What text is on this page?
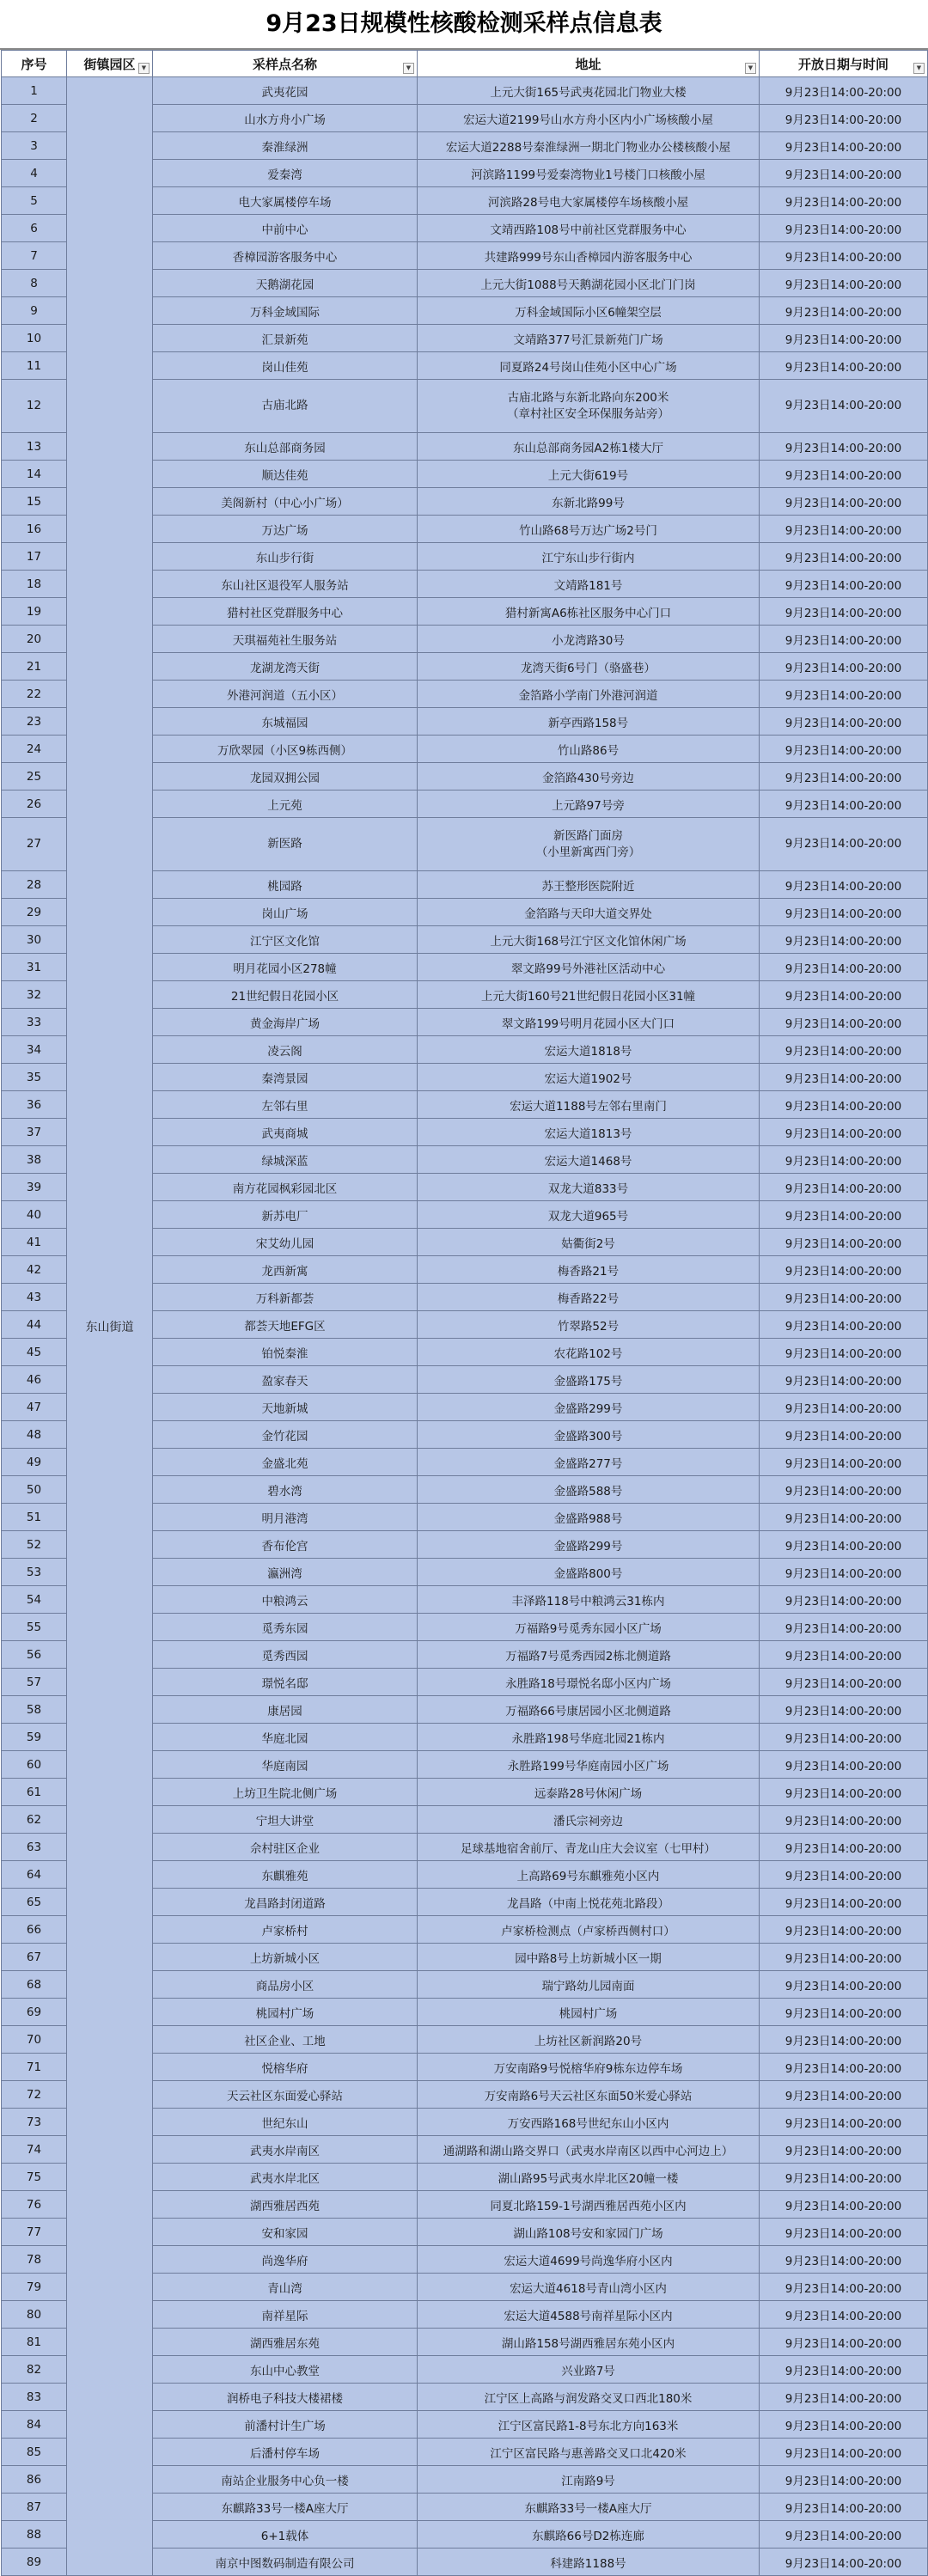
9月23日规模性核酸检测采样点信息表
序号	街镇园区 ▼	采样点名称 ▼	地址 ▼	开放日期与时间 ▼

1	东山街道	武夷花园	上元大街165号武夷花园北门物业大楼	9月23日14:00-20:00
2		山水方舟小广场	宏运大道2199号山水方舟小区内小广场核酸小屋	9月23日14:00-20:00
3		秦淮绿洲	宏运大道2288号秦淮绿洲一期北门物业办公楼核酸小屋	9月23日14:00-20:00
4		爱秦湾	河滨路1199号爱秦湾物业1号楼门口核酸小屋	9月23日14:00-20:00
5		电大家属楼停车场	河滨路28号电大家属楼停车场核酸小屋	9月23日14:00-20:00
6		中前中心	文靖西路108号中前社区党群服务中心	9月23日14:00-20:00
7		香樟园游客服务中心	共建路999号东山香樟园内游客服务中心	9月23日14:00-20:00
8		天鹅湖花园	上元大街1088号天鹅湖花园小区北门门岗	9月23日14:00-20:00
9		万科金域国际	万科金域国际小区6幢架空层	9月23日14:00-20:00
10		汇景新苑	文靖路377号汇景新苑门广场	9月23日14:00-20:00
11		岗山佳苑	同夏路24号岗山佳苑小区中心广场	9月23日14:00-20:00
12		古庙北路	古庙北路与东新北路向东200米
（章村社区安全环保服务站旁）	9月23日14:00-20:00
13		东山总部商务园	东山总部商务园A2栋1楼大厅	9月23日14:00-20:00
14		顺达佳苑	上元大街619号	9月23日14:00-20:00
15		美阁新村（中心小广场）	东新北路99号	9月23日14:00-20:00
16		万达广场	竹山路68号万达广场2号门	9月23日14:00-20:00
17		东山步行街	江宁东山步行街内	9月23日14:00-20:00
18		东山社区退役军人服务站	文靖路181号	9月23日14:00-20:00
19		猎村社区党群服务中心	猎村新寓A6栋社区服务中心门口	9月23日14:00-20:00
20		天琪福苑社生服务站	小龙湾路30号	9月23日14:00-20:00
21		龙湖龙湾天街	龙湾天街6号门（骆盛巷）	9月23日14:00-20:00
22		外港河润道（五小区）	金箔路小学南门外港河润道	9月23日14:00-20:00
23		东城福园	新亭西路158号	9月23日14:00-20:00
24		万欣翠园（小区9栋西侧）	竹山路86号	9月23日14:00-20:00
25		龙园双拥公园	金箔路430号旁边	9月23日14:00-20:00
26		上元苑	上元路97号旁	9月23日14:00-20:00
27		新医路	新医路门面房
（小里新寓西门旁）	9月23日14:00-20:00
28		桃园路	苏王整形医院附近	9月23日14:00-20:00
29		岗山广场	金箔路与天印大道交界处	9月23日14:00-20:00
30		江宁区文化馆	上元大街168号江宁区文化馆休闲广场	9月23日14:00-20:00
31		明月花园小区278幢	翠文路99号外港社区活动中心	9月23日14:00-20:00
32		21世纪假日花园小区	上元大街160号21世纪假日花园小区31幢	9月23日14:00-20:00
33		黄金海岸广场	翠文路199号明月花园小区大门口	9月23日14:00-20:00
34		凌云阁	宏运大道1818号	9月23日14:00-20:00
35		秦湾景园	宏运大道1902号	9月23日14:00-20:00
36		左邻右里	宏运大道1188号左邻右里南门	9月23日14:00-20:00
37		武夷商城	宏运大道1813号	9月23日14:00-20:00
38		绿城深蓝	宏运大道1468号	9月23日14:00-20:00
39		南方花园枫彩园北区	双龙大道833号	9月23日14:00-20:00
40		新苏电厂	双龙大道965号	9月23日14:00-20:00
41		宋艾幼儿园	姑衢街2号	9月23日14:00-20:00
42		龙西新寓	梅香路21号	9月23日14:00-20:00
43		万科新都荟	梅香路22号	9月23日14:00-20:00
44		都荟天地EFG区	竹翠路52号	9月23日14:00-20:00
45		铂悦秦淮	农花路102号	9月23日14:00-20:00
46		盈家春天	金盛路175号	9月23日14:00-20:00
47		天地新城	金盛路299号	9月23日14:00-20:00
48		金竹花园	金盛路300号	9月23日14:00-20:00
49		金盛北苑	金盛路277号	9月23日14:00-20:00
50		碧水湾	金盛路588号	9月23日14:00-20:00
51		明月港湾	金盛路988号	9月23日14:00-20:00
52		香布伦宫	金盛路299号	9月23日14:00-20:00
53		瀛洲湾	金盛路800号	9月23日14:00-20:00
54		中粮鸿云	丰泽路118号中粮鸿云31栋内	9月23日14:00-20:00
55		觅秀东园	万福路9号觅秀东园小区广场	9月23日14:00-20:00
56		觅秀西园	万福路7号觅秀西园2栋北侧道路	9月23日14:00-20:00
57		璟悦名邸	永胜路18号璟悦名邸小区内广场	9月23日14:00-20:00
58		康居园	万福路66号康居园小区北侧道路	9月23日14:00-20:00
59		华庭北园	永胜路198号华庭北园21栋内	9月23日14:00-20:00
60		华庭南园	永胜路199号华庭南园小区广场	9月23日14:00-20:00
61		上坊卫生院北侧广场	远泰路28号休闲广场	9月23日14:00-20:00
62		宁坦大讲堂	潘氏宗祠旁边	9月23日14:00-20:00
63		佘村驻区企业	足球基地宿舍前厅、青龙山庄大会议室（七甲村）	9月23日14:00-20:00
64		东麒雅苑	上高路69号东麒雅苑小区内	9月23日14:00-20:00
65		龙昌路封闭道路	龙昌路（中南上悦花苑北路段）	9月23日14:00-20:00
66		卢家桥村	卢家桥检测点（卢家桥西侧村口）	9月23日14:00-20:00
67		上坊新城小区	园中路8号上坊新城小区一期	9月23日14:00-20:00
68		商品房小区	瑞宁路幼儿园南面	9月23日14:00-20:00
69		桃园村广场	桃园村广场	9月23日14:00-20:00
70		社区企业、工地	上坊社区新润路20号	9月23日14:00-20:00
71		悦榕华府	万安南路9号悦榕华府9栋东边停车场	9月23日14:00-20:00
72		天云社区东面爱心驿站	万安南路6号天云社区东面50米爱心驿站	9月23日14:00-20:00
73		世纪东山	万安西路168号世纪东山小区内	9月23日14:00-20:00
74		武夷水岸南区	通湖路和湖山路交界口（武夷水岸南区以西中心河边上）	9月23日14:00-20:00
75		武夷水岸北区	湖山路95号武夷水岸北区20幢一楼	9月23日14:00-20:00
76		湖西雅居西苑	同夏北路159-1号湖西雅居西苑小区内	9月23日14:00-20:00
77		安和家园	湖山路108号安和家园门广场	9月23日14:00-20:00
78		尚逸华府	宏运大道4699号尚逸华府小区内	9月23日14:00-20:00
79		青山湾	宏运大道4618号青山湾小区内	9月23日14:00-20:00
80		南祥星际	宏运大道4588号南祥星际小区内	9月23日14:00-20:00
81		湖西雅居东苑	湖山路158号湖西雅居东苑小区内	9月23日14:00-20:00
82		东山中心教堂	兴业路7号	9月23日14:00-20:00
83		润桥电子科技大楼裙楼	江宁区上高路与润发路交叉口西北180米	9月23日14:00-20:00
84		前潘村计生广场	江宁区富民路1-8号东北方向163米	9月23日14:00-20:00
85		后潘村停车场	江宁区富民路与惠善路交叉口北420米	9月23日14:00-20:00
86		南站企业服务中心负一楼	江南路9号	9月23日14:00-20:00
87		东麒路33号一楼A座大厅	东麒路33号一楼A座大厅	9月23日14:00-20:00
88		6+1载体	东麒路66号D2栋连廊	9月23日14:00-20:00
89		南京中图数码制造有限公司	科建路1188号	9月23日14:00-20:00
